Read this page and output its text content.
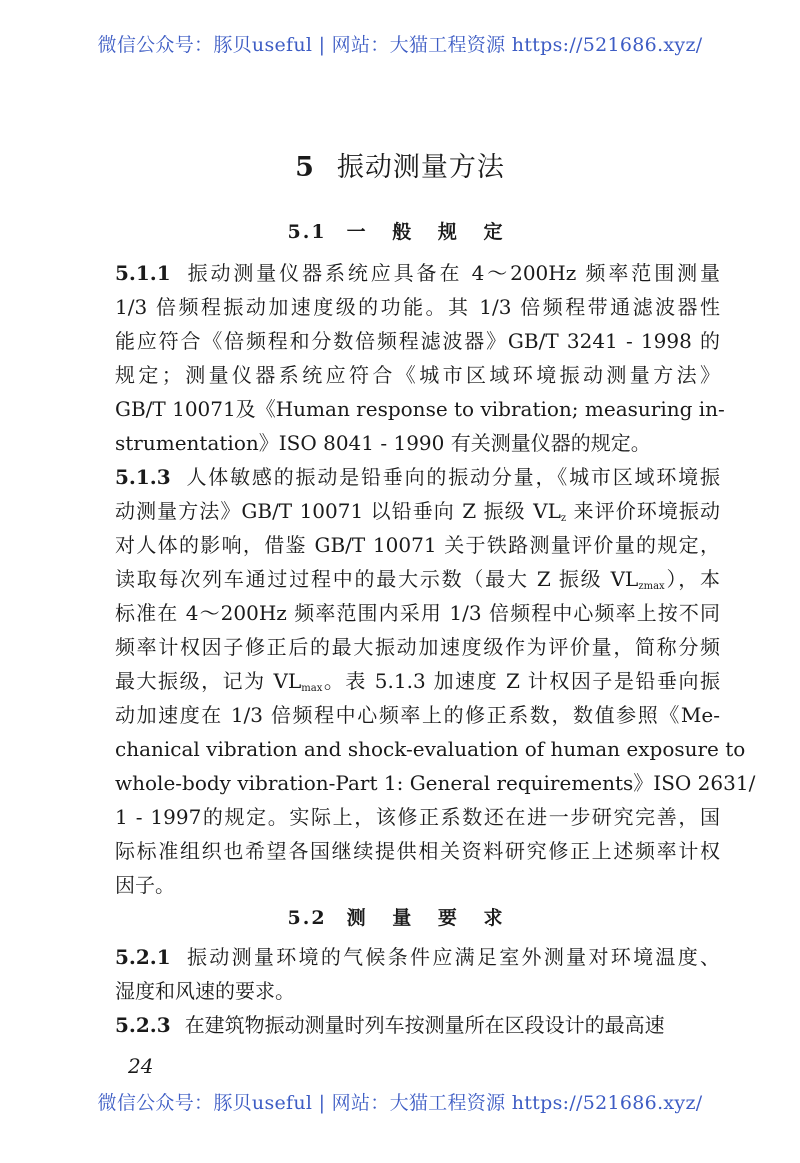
微信公众号：豚贝useful | 网站：大猫工程资源 https://521686.xyz/
5 振动测量方法
5.1 一 般 规 定
5.1.1 振动测量仪器系统应具备在 4～200Hz 频率范围测量
1/3 倍频程振动加速度级的功能。其 1/3 倍频程带通滤波器性
能应符合《倍频程和分数倍频程滤波器》GB/T 3241 - 1998 的
规定；测量仪器系统应符合《城市区域环境振动测量方法》
GB/T 10071及《Human response to vibration; measuring in-
strumentation》ISO 8041 - 1990 有关测量仪器的规定。
5.1.3 人体敏感的振动是铅垂向的振动分量，《城市区域环境振
动测量方法》GB/T 10071 以铅垂向 Z 振级 $VL_z$ 来评价环境振动
对人体的影响，借鉴 GB/T 10071 关于铁路测量评价量的规定，
读取每次列车通过过程中的最大示数（最大 Z 振级 $VL_{zmax}$），本
标准在 4～200Hz 频率范围内采用 1/3 倍频程中心频率上按不同
频率计权因子修正后的最大振动加速度级作为评价量，简称分频
最大振级，记为 $VL_{max}$。表 5.1.3 加速度 Z 计权因子是铅垂向振
动加速度在 1/3 倍频程中心频率上的修正系数，数值参照《Me-
chanical vibration and shock-evaluation of human exposure to
whole-body vibration-Part 1: General requirements》ISO 2631/
1 - 1997的规定。实际上，该修正系数还在进一步研究完善，国
际标准组织也希望各国继续提供相关资料研究修正上述频率计权
因子。
5.2 测 量 要 求
5.2.1 振动测量环境的气候条件应满足室外测量对环境温度、
湿度和风速的要求。
5.2.3 在建筑物振动测量时列车按测量所在区段设计的最高速
24
微信公众号：豚贝useful | 网站：大猫工程资源 https://521686.xyz/
